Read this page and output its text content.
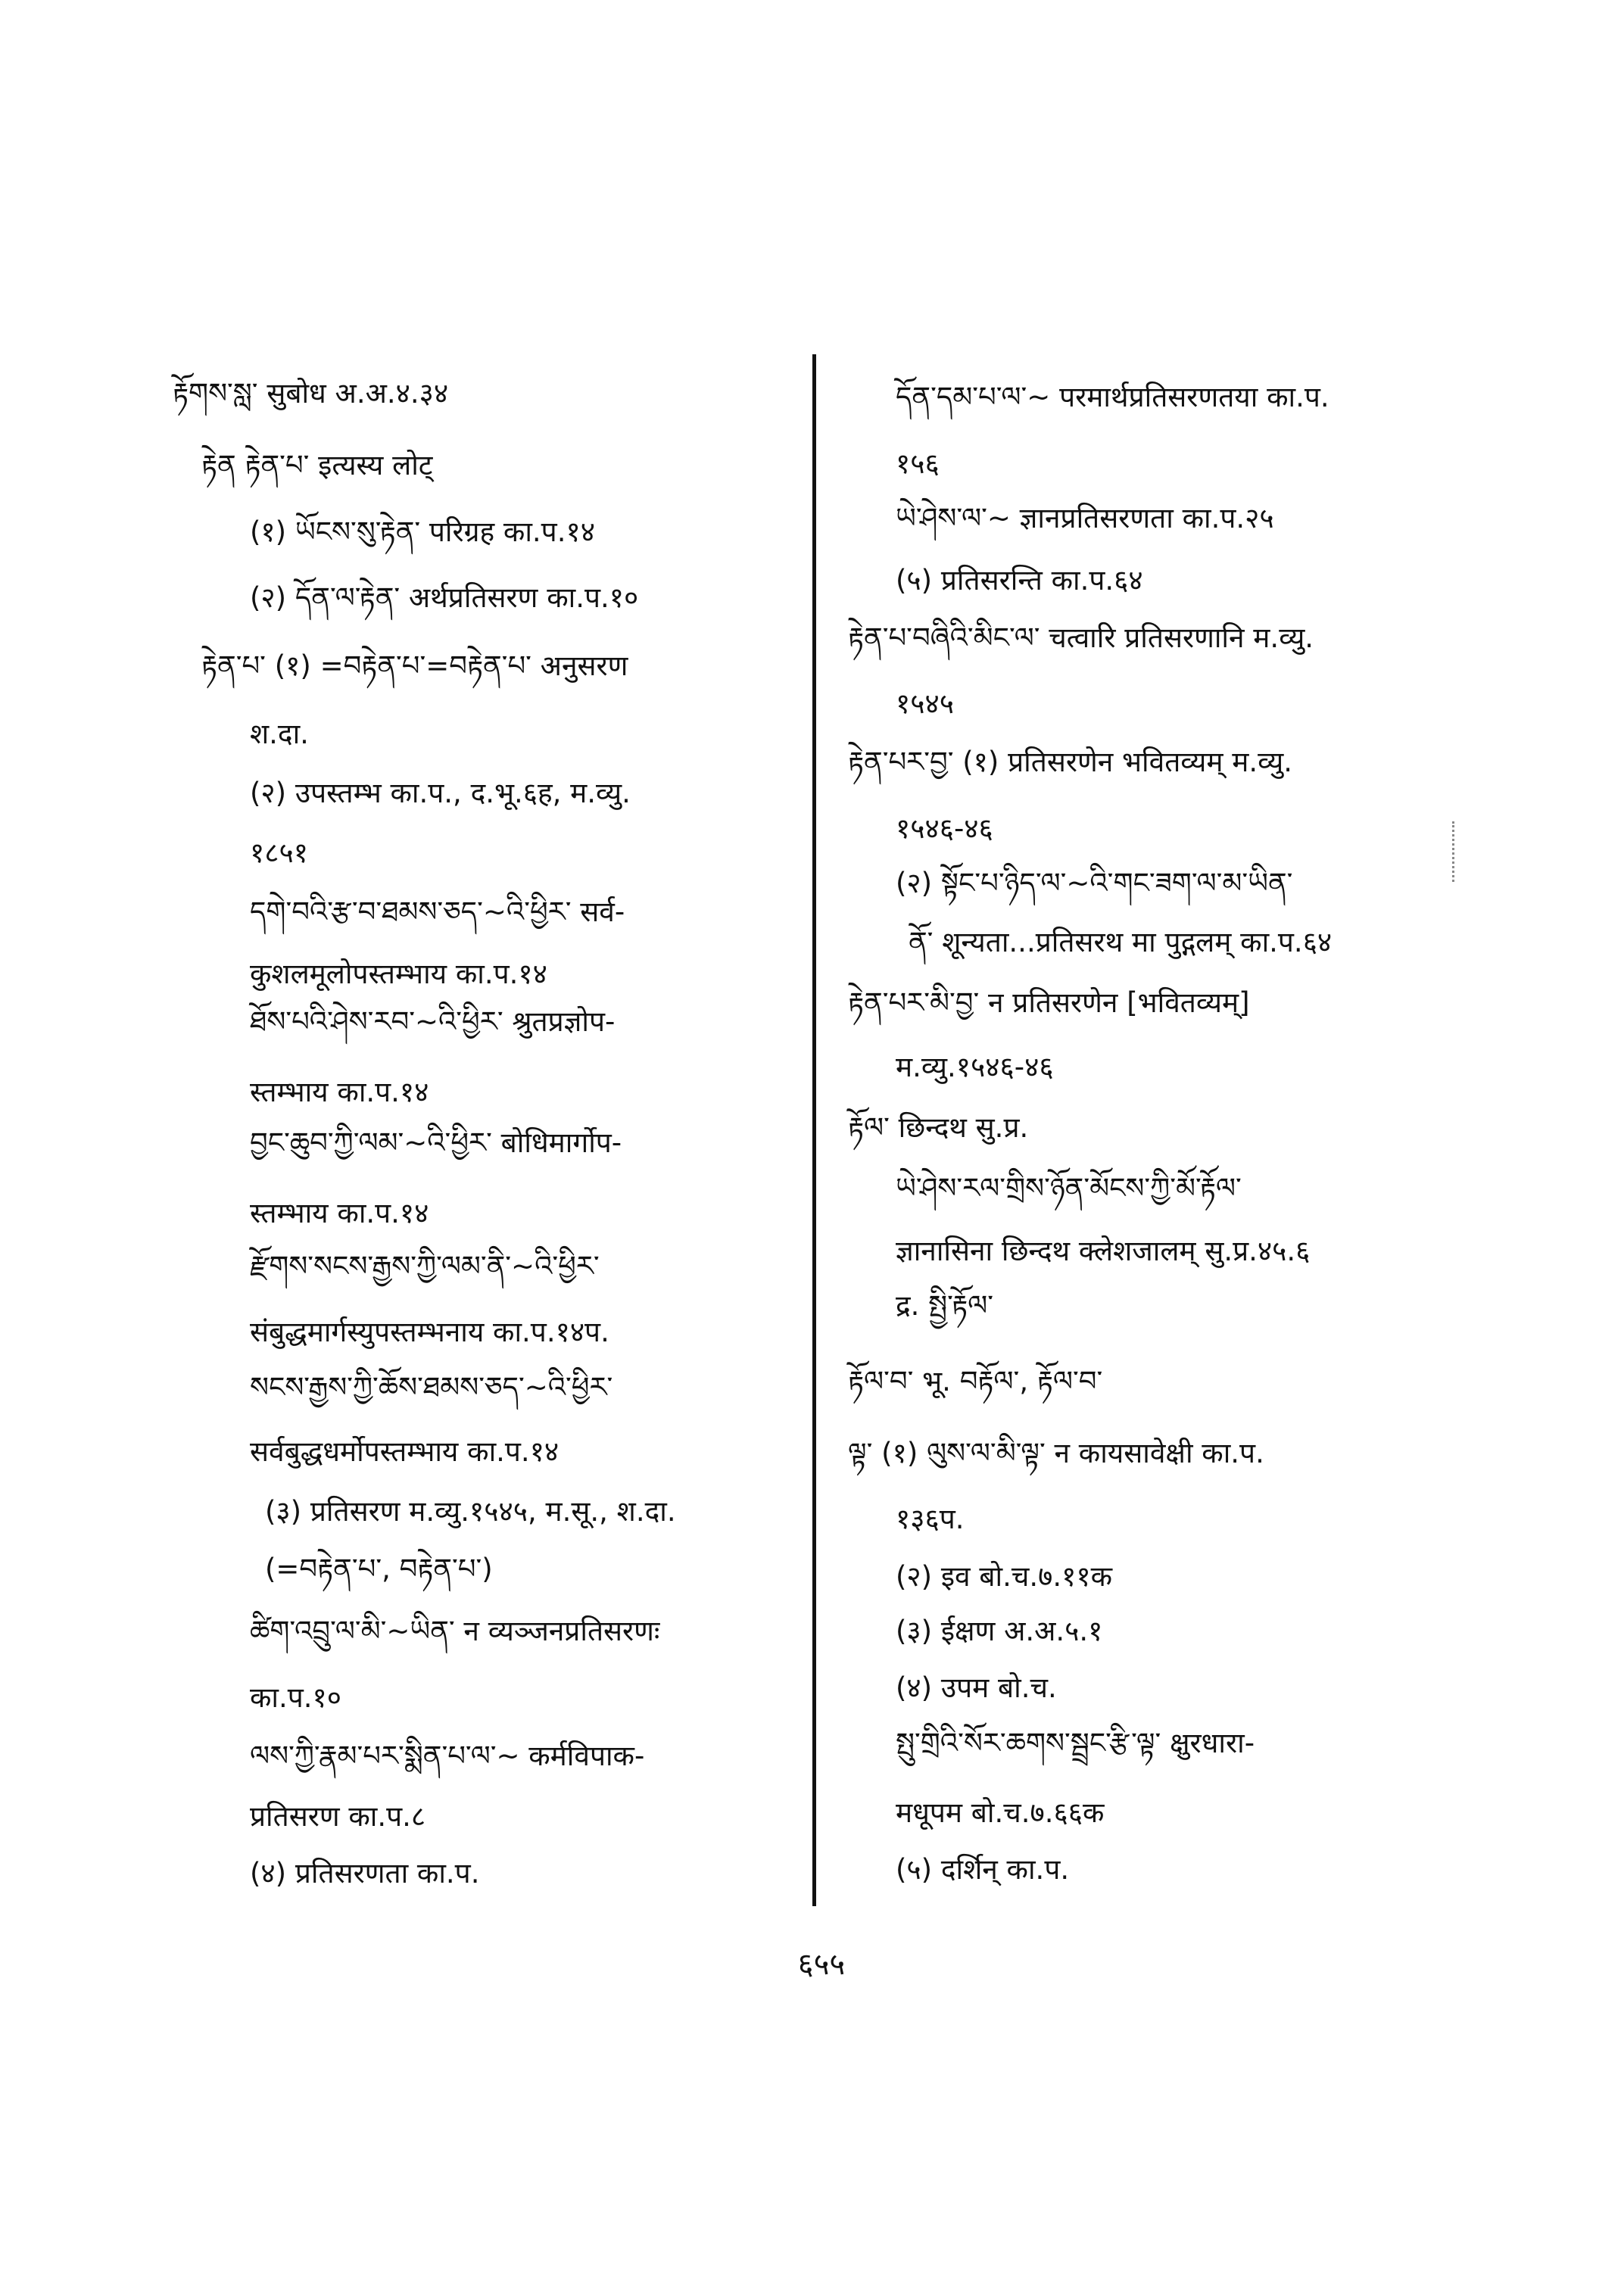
རྟོགས་སླ་ सुबोध अ.अ.४.३४
རྟེན རྟེན་པ་ इत्यस्य लोट्
(१) ཡོངས་སུ་རྟེན་ परिग्रह का.प.१४
(२) དོན་ལ་རྟེན་ अर्थप्रतिसरण का.प.१०
རྟེན་པ་ (१) =བརྟེན་པ་=བརྟེན་པ་ अनुसरण
श.दा.
(२) उपस्तम्भ का.प., द.भू.६ह, म.व्यु.
१८५१
དགེ་བའི་རྩ་བ་ཐམས་ཅད་~འི་ཕྱིར་ सर्व-
कुशलमूलोपस्तम्भाय का.प.१४
ཐོས་པའི་ཤེས་རབ་~འི་ཕྱིར་ श्रुतप्रज्ञोप-
स्तम्भाय का.प.१४
བྱང་ཆུབ་ཀྱི་ལམ་~འི་ཕྱིར་ बोधिमार्गोप-
स्तम्भाय का.प.१४
རྫོགས་སངས་རྒྱས་ཀྱི་ལམ་ནི་~འི་ཕྱིར་
संबुद्धमार्गस्युपस्तम्भनाय का.प.१४प.
སངས་རྒྱས་ཀྱི་ཆོས་ཐམས་ཅད་~འི་ཕྱིར་
सर्वबुद्धधर्मोपस्तम्भाय का.प.१४
(३) प्रतिसरण म.व्यु.१५४५, म.सू., श.दा.
(=བརྟེན་པ་, བརྟེན་པ་)
ཚིག་འབྲུ་ལ་མི་~ཡིན་ न व्यञ्जनप्रतिसरणः
का.प.१०
ལས་ཀྱི་རྣམ་པར་སྨིན་པ་ལ་~ कर्मविपाक-
प्रतिसरण का.प.८
(४) प्रतिसरणता का.प.
དོན་དམ་པ་ལ་~ परमार्थप्रतिसरणतया का.प.
१५६
ཡེ་ཤེས་ལ་~ ज्ञानप्रतिसरणता का.प.२५
(५) प्रतिसरन्ति का.प.६४
རྟེན་པ་བཞིའི་མིང་ལ་ चत्वारि प्रतिसरणानि म.व्यु.
१५४५
རྟེན་པར་བྱ་ (१) प्रतिसरणेन भवितव्यम् म.व्यु.
१५४६-४६
(२) སྟོང་པ་ཉིད་ལ་~འི་གང་ཟག་ལ་མ་ཡིན་
ནོ་ शून्यता...प्रतिसरथ मा पुद्गलम् का.प.६४
རྟེན་པར་མི་བྱ་ न प्रतिसरणेन [भवितव्यम्]
म.व्यु.१५४६-४६
རྟོལ་ छिन्दथ सु.प्र.
ཡེ་ཤེས་རལ་གྲིས་ཉོན་མོངས་ཀྱི་མོ་རྟོལ་
ज्ञानासिना छिन्दथ क्लेशजालम् सु.प्र.४५.६
द्र. སྤྱི་རྟོལ་
རྟོལ་བ་ भू. བརྟོལ་, རྟོལ་བ་
ལྟ་ (१) ལུས་ལ་མི་ལྟ་ न कायसावेक्षी का.प.
१३६प.
(२) इव बो.च.७.११क
(३) ईक्षण अ.अ.५.१
(४) उपम बो.च.
སྤུ་གྲིའི་སོར་ཆགས་སྦྲང་རྩི་ལྟ་ क्षुरधारा-
मधूपम बो.च.७.६६क
(५) दर्शिन् का.प.
६५५
